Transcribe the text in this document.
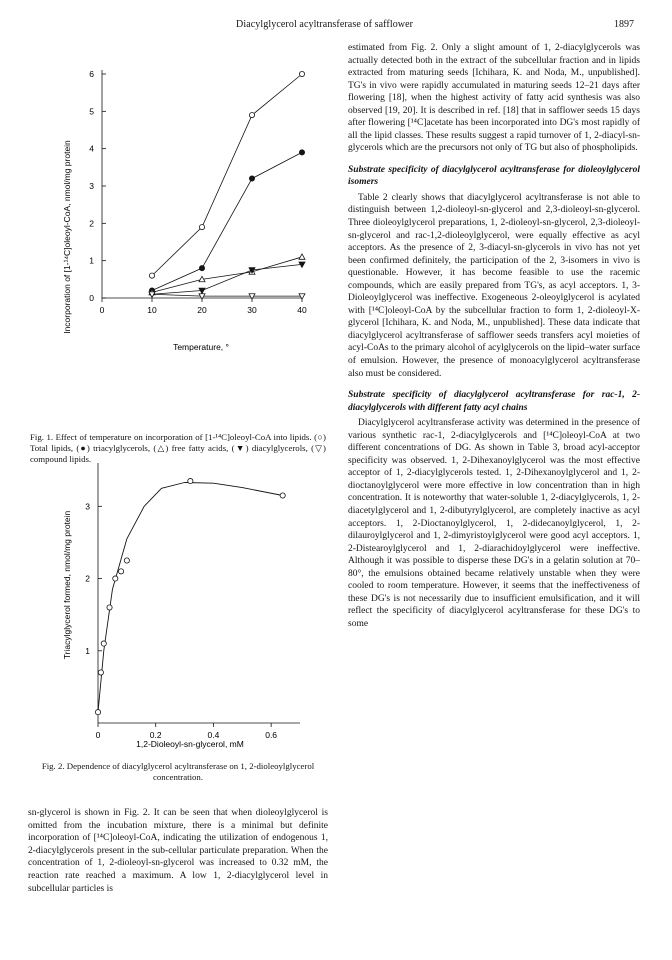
Diacylglycerol acyltransferase of safflower	1897
0	10	20	30	40
0
1
2
3
4
5
6
Incorporation of [1-¹⁴C]oleoyl-CoA, nmol/mg protein
Temperature, °
Fig. 1. Effect of temperature on incorporation of [1-¹⁴C]oleoyl-CoA into lipids. (○) Total lipids, (●) triacylglycerols, (△) free fatty acids, (▼) diacylglycerols, (▽) compound lipids.
0	0.2	0.4	0.6
1
2
3
Triacylglycerol formed, nmol/mg protein
1,2-Dioleoyl-sn-glycerol, mM
Fig. 2. Dependence of diacylglycerol acyltransferase on 1, 2-dioleoylglycerol concentration.

sn-glycerol is shown in Fig. 2. It can be seen that when dioleoylglycerol is omitted from the incubation mixture, there is a minimal but definite incorporation of [¹⁴C]oleoyl-CoA, indicating the utilization of endogenous 1, 2-diacylglycerols present in the sub-cellular particulate preparation. When the concentration of 1, 2-dioleoyl-sn-glycerol was increased to 0.32 mM, the reaction rate reached a maximum. A low 1, 2-diacylglycerol level in subcellular particles is

estimated from Fig. 2. Only a slight amount of 1, 2-diacylglycerols was actually detected both in the extract of the subcellular fraction and in lipids extracted from maturing seeds [Ichihara, K. and Noda, M., unpublished]. TG's in vivo were rapidly accumulated in maturing seeds 12–21 days after flowering [18], when the highest activity of fatty acid synthesis was also observed [19, 20]. It is described in ref. [18] that in safflower seeds 15 days after flowering [¹⁴C]acetate has been incorporated into DG's most rapidly of all the lipid classes. These results suggest a rapid turnover of 1, 2-diacyl-sn-glycerols which are the precursors not only of TG but also of phospholipids.

Substrate specificity of diacylglycerol acyltransferase for dioleoylglycerol isomers

Table 2 clearly shows that diacylglycerol acyltransferase is not able to distinguish between 1,2-dioleoyl-sn-glycerol and 2,3-dioleoyl-sn-glycerol. Three dioleoylglycerol preparations, 1, 2-dioleoyl-sn-glycerol, 2,3-dioleoyl-sn-glycerol and rac-1,2-dioleoylglycerol, were equally effective as acyl acceptors. As the presence of 2, 3-diacyl-sn-glycerols in vivo has not yet been confirmed definitely, the participation of the 2, 3-isomers in vivo is questionable. However, it has become feasible to use the racemic compounds, which are easily prepared from TG's, as acyl acceptors. 1, 3-Dioleoylglycerol was ineffective. Exogeneous 2-oleoylglycerol is acylated with [¹⁴C]oleoyl-CoA by the subcellular fraction to form 1, 2-dioleoyl-X-glycerol [Ichihara, K. and Noda, M., unpublished]. These data indicate that diacylglycerol acyltransferase of safflower seeds transfers acyl moieties of acyl-CoAs to the primary alcohol of acylglycerols on the lipid–water surface of emulsion. However, the presence of monoacylglycerol acyltransferase also must be considered.

Substrate specificity of diacylglycerol acyltransferase for rac-1, 2-diacylglycerols with different fatty acyl chains

Diacylglycerol acyltransferase activity was determined in the presence of various synthetic rac-1, 2-diacylglycerols and [¹⁴C]oleoyl-CoA at two different concentrations of DG. As shown in Table 3, broad acyl-acceptor specificity was observed. 1, 2-Dihexanoylglycerol was the most effective acceptor of 1, 2-diacylglycerols tested. 1, 2-Dihexanoylglycerol and 1, 2-dioctanoylglycerol were more effective in low concentration than in high concentration. It is noteworthy that water-soluble 1, 2-diacylglycerols, 1, 2-diacetylglycerol and 1, 2-dibutyrylglycerol, are completely inactive as acyl acceptors. 1, 2-Dioctanoylglycerol, 1, 2-didecanoylglycerol, 1, 2-dilauroylglycerol and 1, 2-dimyristoylglycerol were good acyl acceptors. 1, 2-Distearoylglycerol and 1, 2-diarachidoylglycerol were ineffective. Although it was possible to disperse these DG's in a gelatin solution at 70–80°, the emulsions obtained became relatively unstable when they were cooled to room temperature. However, it seems that the ineffectiveness of these DG's is not necessarily due to insufficient emulsification, and it will reflect the specificity of diacylglycerol acyltransferase for these DG's to some
